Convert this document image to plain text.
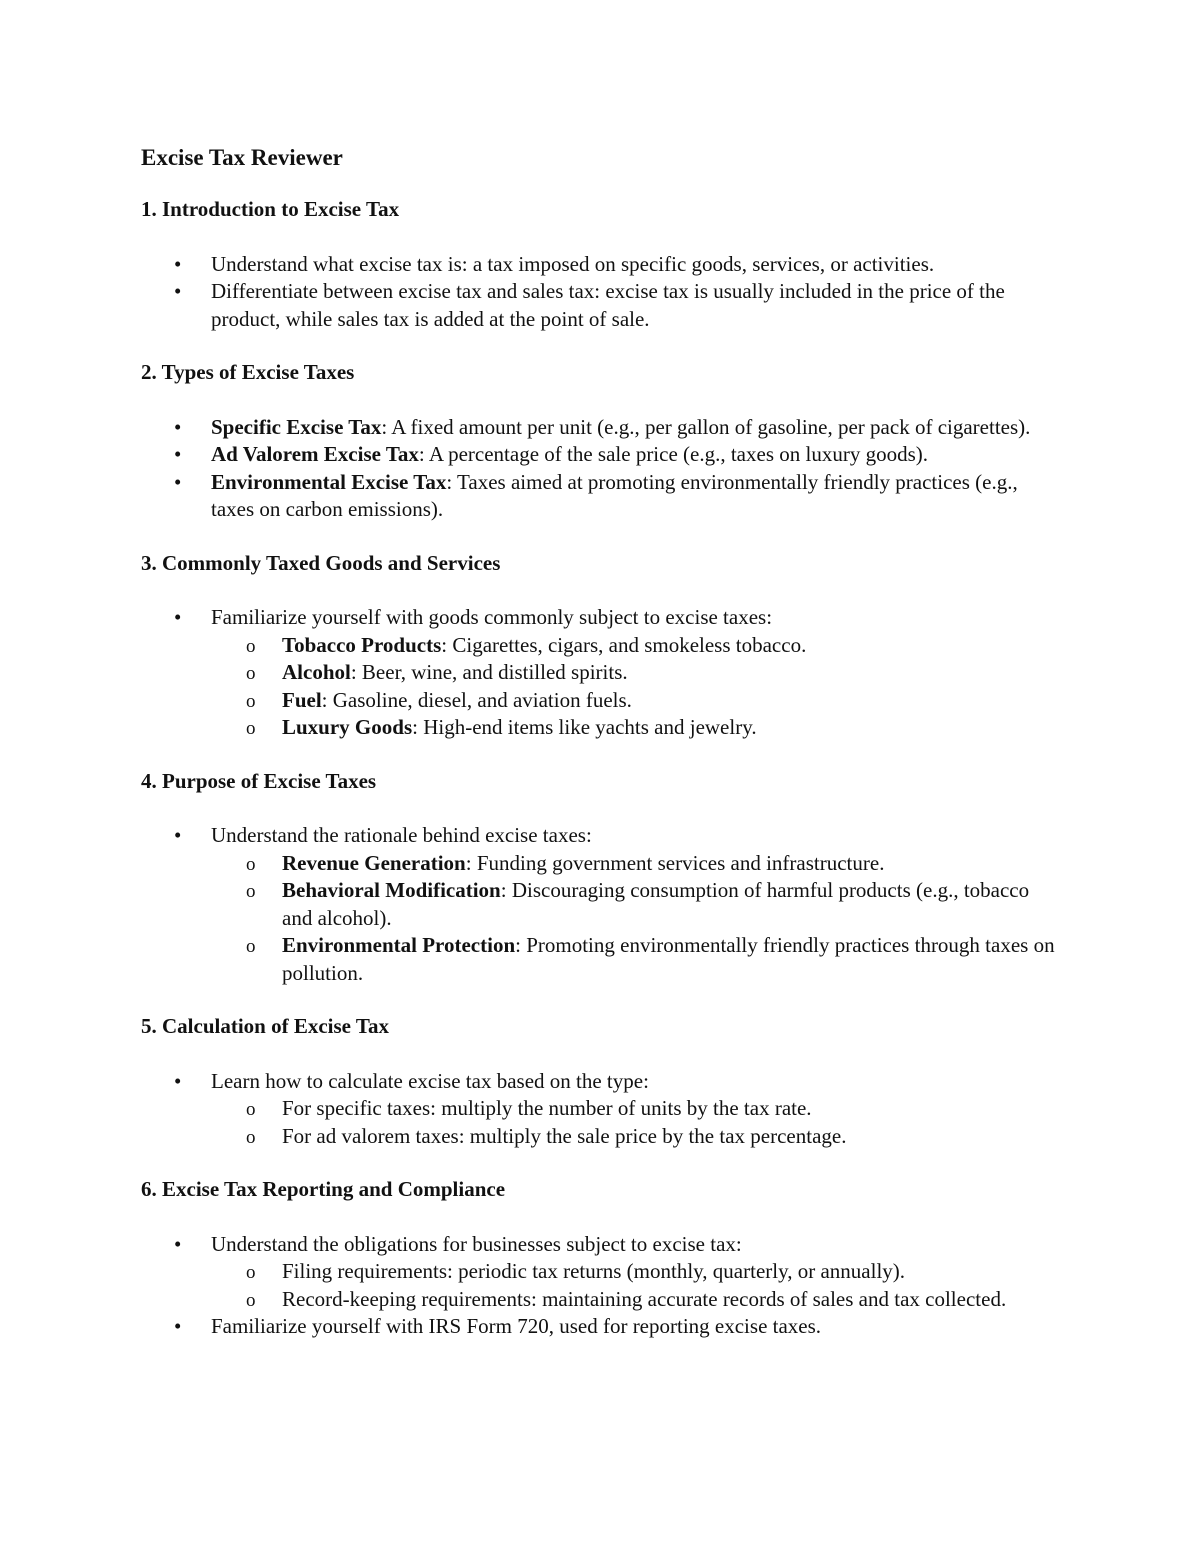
Excise Tax Reviewer
1. Introduction to Excise Tax
• Understand what excise tax is: a tax imposed on specific goods, services, or activities.
• Differentiate between excise tax and sales tax: excise tax is usually included in the price of the product, while sales tax is added at the point of sale.
2. Types of Excise Taxes
• Specific Excise Tax: A fixed amount per unit (e.g., per gallon of gasoline, per pack of cigarettes).
• Ad Valorem Excise Tax: A percentage of the sale price (e.g., taxes on luxury goods).
• Environmental Excise Tax: Taxes aimed at promoting environmentally friendly practices (e.g., taxes on carbon emissions).
3. Commonly Taxed Goods and Services
• Familiarize yourself with goods commonly subject to excise taxes:
o Tobacco Products: Cigarettes, cigars, and smokeless tobacco.
o Alcohol: Beer, wine, and distilled spirits.
o Fuel: Gasoline, diesel, and aviation fuels.
o Luxury Goods: High-end items like yachts and jewelry.
4. Purpose of Excise Taxes
• Understand the rationale behind excise taxes:
o Revenue Generation: Funding government services and infrastructure.
o Behavioral Modification: Discouraging consumption of harmful products (e.g., tobacco and alcohol).
o Environmental Protection: Promoting environmentally friendly practices through taxes on pollution.
5. Calculation of Excise Tax
• Learn how to calculate excise tax based on the type:
o For specific taxes: multiply the number of units by the tax rate.
o For ad valorem taxes: multiply the sale price by the tax percentage.
6. Excise Tax Reporting and Compliance
• Understand the obligations for businesses subject to excise tax:
o Filing requirements: periodic tax returns (monthly, quarterly, or annually).
o Record-keeping requirements: maintaining accurate records of sales and tax collected.
• Familiarize yourself with IRS Form 720, used for reporting excise taxes.
